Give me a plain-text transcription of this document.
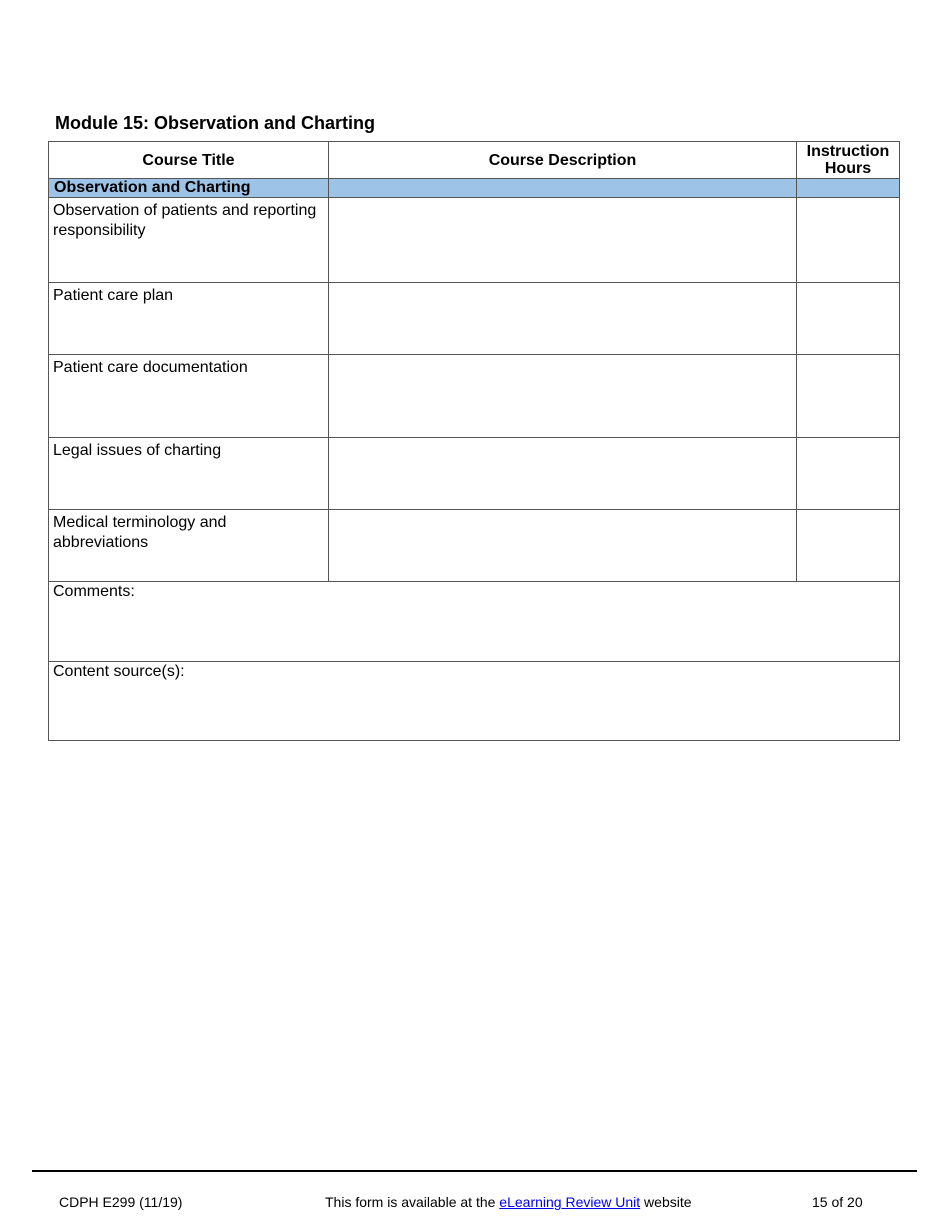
Module 15: Observation and Charting
Course Title	Course Description	Instruction Hours
Observation and Charting		
Observation of patients and reporting responsibility		
Patient care plan		
Patient care documentation		
Legal issues of charting		
Medical terminology and abbreviations		
Comments:		
Content source(s):		
CDPH E299 (11/19)	This form is available at the eLearning Review Unit website	15 of 20
